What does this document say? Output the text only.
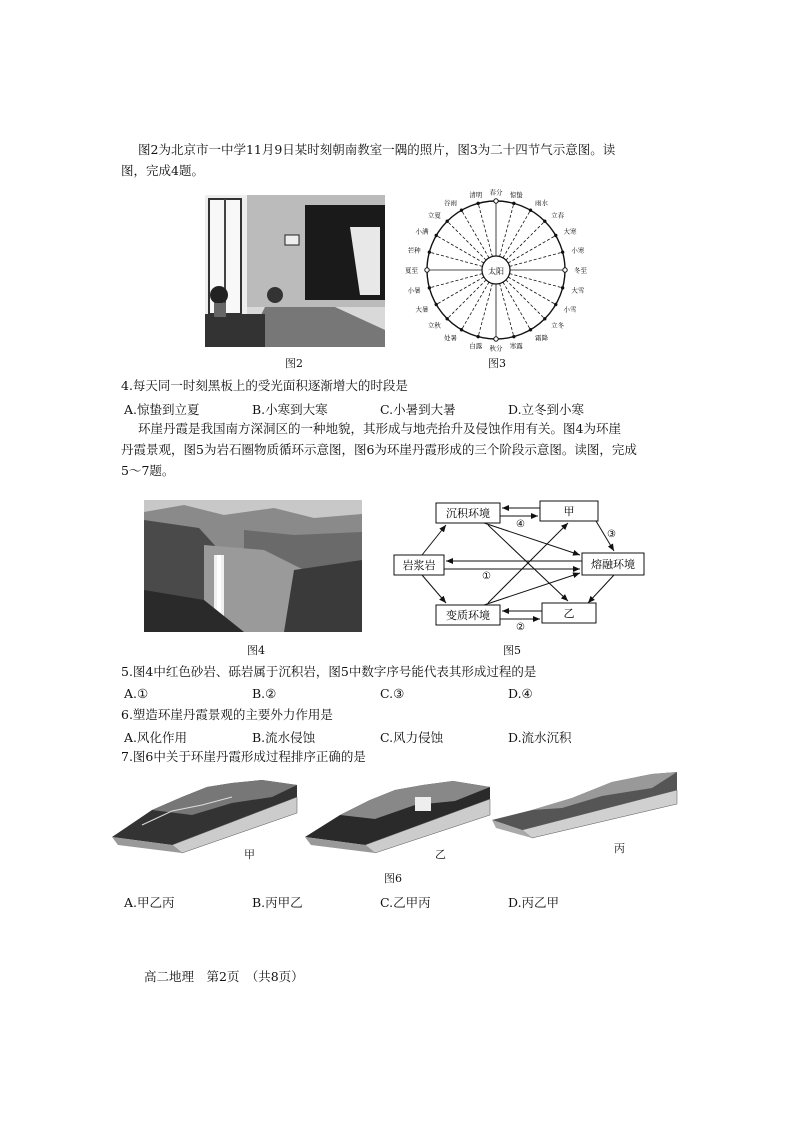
图2为北京市一中学11月9日某时刻朝南教室一隅的照片，图3为二十四节气示意图。读
图，完成4题。
图2
太阳
春分
清明
谷雨
立夏
小满
芒种
夏至
小暑
大暑
立秋
处暑
白露 秋分 寒露
霜降
立冬
小雪
大雪
冬至
小寒
大寒
立春
雨水
惊蛰
图3
4.每天同一时刻黑板上的受光面积逐渐增大的时段是
A.惊蛰到立夏	B.小寒到大寒	C.小暑到大暑	D.立冬到小寒
环崖丹霞是我国南方深洞区的一种地貌，其形成与地壳抬升及侵蚀作用有关。图4为环崖
丹霞景观，图5为岩石圈物质循环示意图，图6为环崖丹霞形成的三个阶段示意图。读图，完成
5～7题。
图4
沉积环境	甲
岩浆岩	熔融环境
变质环境	乙
①
②
③
④
图5
5.图4中红色砂岩、砾岩属于沉积岩，图5中数字序号能代表其形成过程的是
A.①	B.②	C.③	D.④
6.塑造环崖丹霞景观的主要外力作用是
A.风化作用	B.流水侵蚀	C.风力侵蚀	D.流水沉积
7.图6中关于环崖丹霞形成过程排序正确的是
甲	乙	丙
图6
A.甲乙丙	B.丙甲乙	C.乙甲丙	D.丙乙甲
高二地理　第2页　（共8页）
